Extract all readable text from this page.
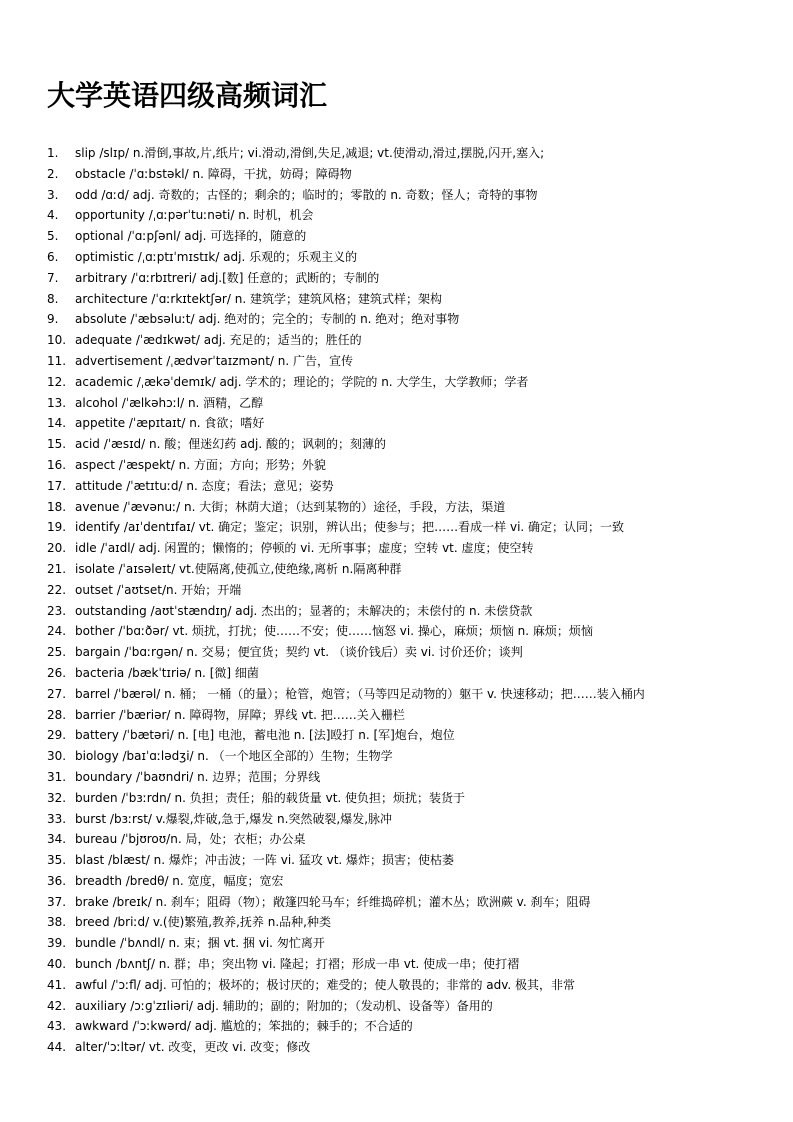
大学英语四级高频词汇
1. slip /slɪp/ n.滑倒,事故,片,纸片; vi.滑动,滑倒,失足,减退; vt.使滑动,滑过,摆脱,闪开,塞入;
2. obstacle /ˈɑːbstəkl/ n. 障碍，干扰，妨碍；障碍物
3. odd /ɑːd/ adj. 奇数的；古怪的；剩余的；临时的；零散的 n. 奇数；怪人；奇特的事物
4. opportunity /ˌɑːpərˈtuːnəti/ n. 时机，机会
5. optional /ˈɑːpʃənl/ adj. 可选择的，随意的
6. optimistic /ˌɑːptɪˈmɪstɪk/ adj. 乐观的；乐观主义的
7. arbitrary /ˈɑːrbɪtreri/ adj.[数] 任意的；武断的；专制的
8. architecture /ˈɑːrkɪtektʃər/ n. 建筑学；建筑风格；建筑式样；架构
9. absolute /ˈæbsəluːt/ adj. 绝对的；完全的；专制的 n. 绝对；绝对事物
10. adequate /ˈædɪkwət/ adj. 充足的；适当的；胜任的
11. advertisement /ˌædvərˈtaɪzmənt/ n. 广告，宣传
12. academic /ˌækəˈdemɪk/ adj. 学术的；理论的；学院的 n. 大学生，大学教师；学者
13. alcohol /ˈælkəhɔːl/ n. 酒精，乙醇
14. appetite /ˈæpɪtaɪt/ n. 食欲；嗜好
15. acid /ˈæsɪd/ n. 酸；俚迷幻药 adj. 酸的；讽刺的；刻薄的
16. aspect /ˈæspekt/ n. 方面；方向；形势；外貌
17. attitude /ˈætɪtuːd/ n. 态度；看法；意见；姿势
18. avenue /ˈævənuː/ n. 大街；林荫大道；（达到某物的）途径，手段，方法，渠道
19. identify /aɪˈdentɪfaɪ/ vt. 确定；鉴定；识别，辨认出；使参与；把……看成一样 vi. 确定；认同；一致
20. idle /ˈaɪdl/ adj. 闲置的；懒惰的；停顿的 vi. 无所事事；虚度；空转 vt. 虚度；使空转
21. isolate /ˈaɪsəleɪt/ vt.使隔离,使孤立,使绝缘,离析 n.隔离种群
22. outset /ˈaʊtset/n. 开始；开端
23. outstanding /aʊtˈstændɪŋ/ adj. 杰出的；显著的；未解决的；未偿付的 n. 未偿贷款
24. bother /ˈbɑːðər/ vt. 烦扰，打扰；使……不安；使……恼怒 vi. 操心，麻烦；烦恼 n. 麻烦；烦恼
25. bargain /ˈbɑːrɡən/ n. 交易；便宜货；契约 vt. （谈价钱后）卖 vi. 讨价还价；谈判
26. bacteria /bækˈtɪriə/ n. [微] 细菌
27. barrel /ˈbærəl/ n. 桶； 一桶（的量）；枪管，炮管；（马等四足动物的）躯干 v. 快速移动；把……装入桶内
28. barrier /ˈbæriər/ n. 障碍物，屏障；界线 vt. 把……关入栅栏
29. battery /ˈbætəri/ n. [电] 电池，蓄电池 n. [法]殴打 n. [军]炮台，炮位
30. biology /baɪˈɑːlədʒi/ n. （一个地区全部的）生物；生物学
31. boundary /ˈbaʊndri/ n. 边界；范围；分界线
32. burden /ˈbɜːrdn/ n. 负担；责任；船的载货量 vt. 使负担；烦扰；装货于
33. burst /bɜːrst/ v.爆裂,炸破,急于,爆发 n.突然破裂,爆发,脉冲
34. bureau /ˈbjʊroʊ/n. 局，处；衣柜；办公桌
35. blast /blæst/ n. 爆炸；冲击波；一阵 vi. 猛攻 vt. 爆炸；损害；使枯萎
36. breadth /bredθ/ n. 宽度，幅度；宽宏
37. brake /breɪk/ n. 刹车；阻碍（物）；敞篷四轮马车；纤维捣碎机；灌木丛；欧洲蕨 v. 刹车；阻碍
38. breed /briːd/ v.(使)繁殖,教养,抚养 n.品种,种类
39. bundle /ˈbʌndl/ n. 束；捆 vt. 捆 vi. 匆忙离开
40. bunch /bʌntʃ/ n. 群；串；突出物 vi. 隆起；打褶；形成一串 vt. 使成一串；使打褶
41. awful /ˈɔːfl/ adj. 可怕的；极坏的；极讨厌的；难受的；使人敬畏的；非常的 adv. 极其，非常
42. auxiliary /ɔːɡˈzɪliəri/ adj. 辅助的；副的；附加的；（发动机、设备等）备用的
43. awkward /ˈɔːkwərd/ adj. 尴尬的；笨拙的；棘手的；不合适的
44. alter/ˈɔːltər/ vt. 改变，更改 vi. 改变；修改
